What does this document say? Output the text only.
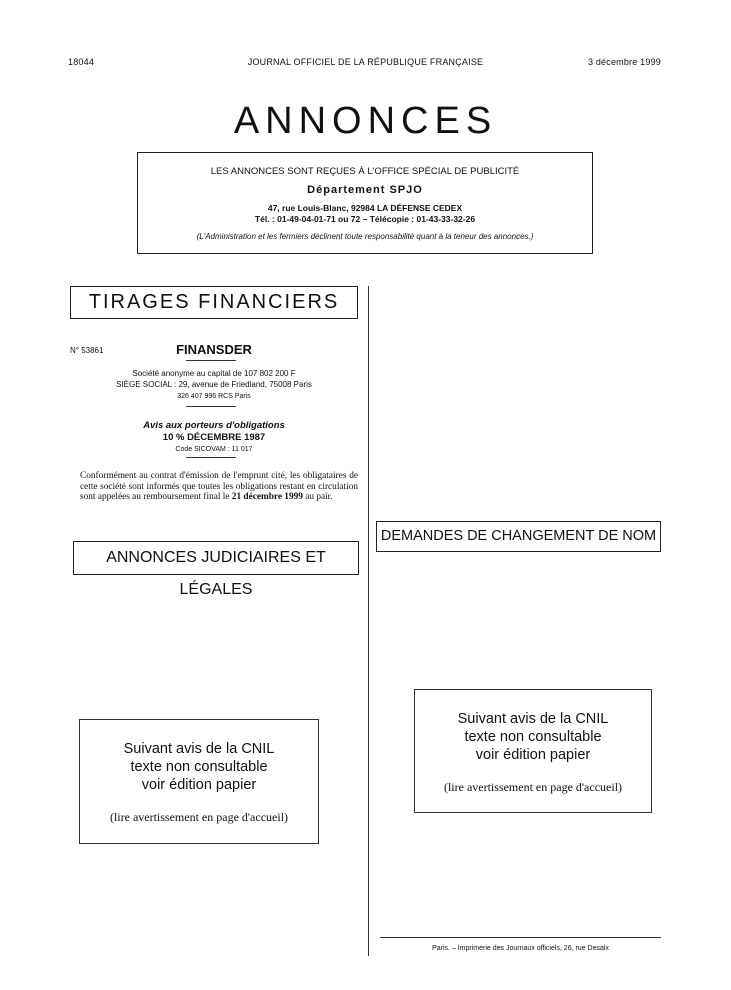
18044	JOURNAL OFFICIEL DE LA RÉPUBLIQUE FRANÇAISE	3 décembre 1999
ANNONCES
LES ANNONCES SONT REÇUES À L'OFFICE SPÉCIAL DE PUBLICITÉ
Département SPJO
47, rue Louis-Blanc, 92984 LA DÉFENSE CEDEX
Tél. : 01-49-04-01-71 ou 72 – Télécopie : 01-43-33-32-26
(L'Administration et les fermiers déclinent toute responsabilité quant à la teneur des annonces.)
TIRAGES FINANCIERS
N° 53861	FINANSDER
Société anonyme au capital de 107 802 200 F
SIÈGE SOCIAL : 29, avenue de Friedland, 75008 Paris
326 407 996 RCS Paris
Avis aux porteurs d'obligations
10 % DÉCEMBRE 1987
Code SICOVAM : 11 017
Conformément au contrat d'émission de l'emprunt cité, les obligataires de cette société sont informés que toutes les obligations restant en circulation sont appelées au remboursement final le 21 décembre 1999 au pair.
ANNONCES JUDICIAIRES ET LÉGALES
DEMANDES DE CHANGEMENT DE NOM
Suivant avis de la CNIL
texte non consultable
voir édition papier
(lire avertissement en page d'accueil)
Suivant avis de la CNIL
texte non consultable
voir édition papier
(lire avertissement en page d'accueil)
Paris. – Imprimerie des Journaux officiels, 26, rue Desaix
